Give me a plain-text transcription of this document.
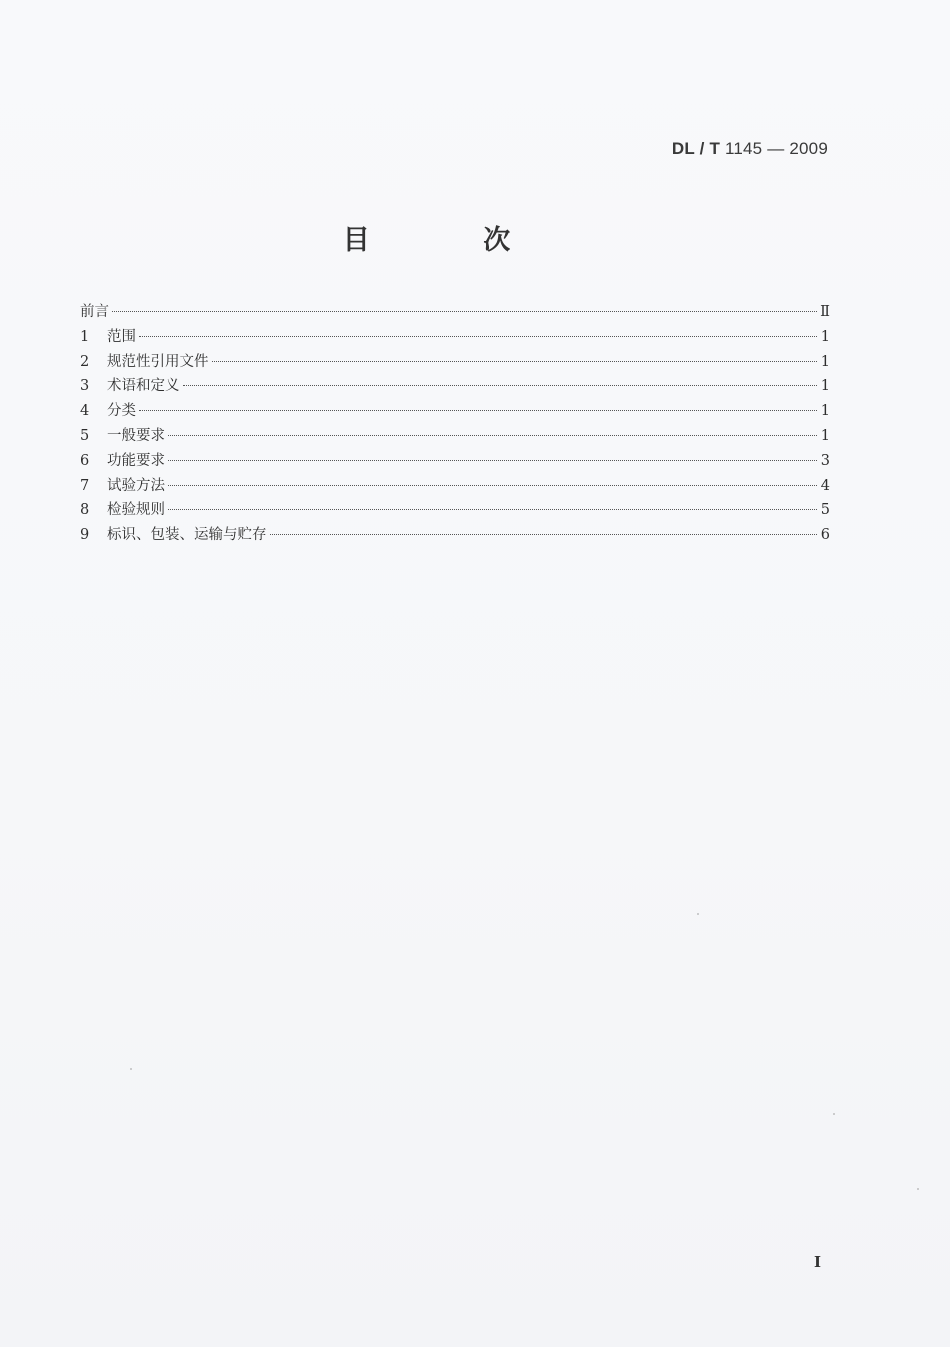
DL / T 1145 — 2009
目 次
前言	Ⅱ
1	范围	1
2	规范性引用文件	1
3	术语和定义	1
4	分类	1
5	一般要求	1
6	功能要求	3
7	试验方法	4
8	检验规则	5
9	标识、包装、运输与贮存	6
I
